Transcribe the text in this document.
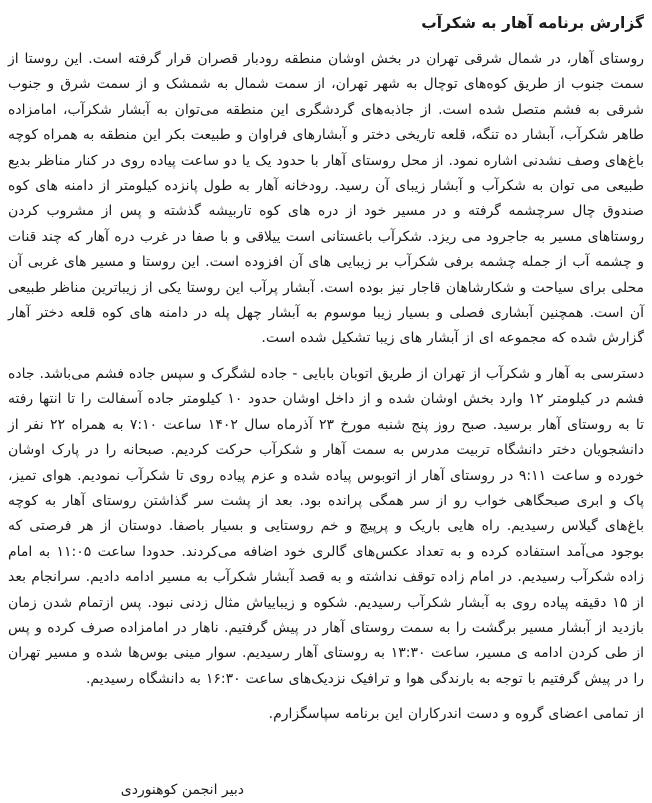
گزارش برنامه آهار به شکرآب

روستای آهار، در شمال شرقی تهران در بخش اوشان منطقه رودبار قصران قرار گرفته است. این روستا از سمت جنوب از طریق کوه‌های توچال به شهر تهران، از سمت شمال به شمشک و از سمت شرق و جنوب شرقی به فشم متصل شده است. از جاذبه‌های گردشگری این منطقه می‌توان به آبشار شکرآب، امامزاده طاهر شکرآب، آبشار ده تنگه، قلعه تاریخی دختر و آبشارهای فراوان و طبیعت بکر این منطقه به همراه کوچه باغ‌های وصف نشدنی اشاره نمود. از محل روستای آهار با حدود یک یا دو ساعت پیاده روی در کنار مناظر بدیع طبیعی می توان به شکرآب و آبشار زیبای آن رسید. رودخانه آهار به طول پانزده کیلومتر از دامنه های کوه صندوق چال سرچشمه گرفته و در مسیر خود از دره های کوه تاربیشه گذشته و پس از مشروب کردن روستاهای مسیر به جاجرود می ریزد. شکرآب باغستانی است ییلاقی و با صفا در غرب دره آهار که چند قنات و چشمه آب از جمله چشمه برفی شکرآب بر زیبایی های آن افزوده است. این روستا و مسیر های غربی آن محلی برای سیاحت و شکارشاهان قاجار نیز بوده است. آبشار پرآب این روستا یکی از زیباترین مناظر طبیعی آن است. همچنین آبشاری فصلی و بسیار زیبا موسوم به آبشار چهل پله در دامنه های کوه قلعه دختر آهار گزارش شده که مجموعه ای از آبشار های زیبا تشکیل شده است.

دسترسی به آهار و شکرآب از تهران از طریق اتوبان بابایی - جاده لشگرک و سپس جاده فشم می‌باشد. جاده فشم در کیلومتر ۱۲ وارد بخش اوشان شده و از داخل اوشان حدود ۱۰ کیلومتر جاده آسفالت را تا انتها رفته تا به روستای آهار برسید. صبح روز پنج شنبه مورخ ۲۳ آذرماه سال ۱۴۰۲ ساعت ۷:۱۰ به همراه ۲۲ نفر از دانشجویان دختر دانشگاه تربیت مدرس به سمت آهار و شکرآب حرکت کردیم. صبحانه را در پارک اوشان خورده و ساعت ۹:۱۱ در روستای آهار از اتوبوس پیاده شده و عزم پیاده روی تا شکرآب نمودیم. هوای تمیز، پاک و ابری صبحگاهی خواب رو از سر همگی پرانده بود. بعد از پشت سر گذاشتن روستای آهار به کوچه باغ‌های گیلاس رسیدیم. راه هایی باریک و پرپیچ و خم روستایی و بسیار باصفا. دوستان از هر فرصتی که بوجود می‌آمد استفاده کرده و به تعداد عکس‌های گالری خود اضافه می‌کردند. حدودا ساعت ۱۱:۰۵ به امام زاده شکرآب رسیدیم. در امام زاده توقف نداشته و به قصد آبشار شکرآب به مسیر ادامه دادیم. سرانجام بعد از ۱۵ دقیقه پیاده روی به آبشار شکرآب رسیدیم. شکوه و زیباییاش مثال زدنی نبود. پس ازتمام شدن زمان بازدید از آبشار مسیر برگشت را به سمت روستای آهار در پیش گرفتیم. ناهار در امامزاده صرف کرده و پس از طی کردن ادامه ی مسیر، ساعت ۱۳:۳۰ به روستای آهار رسیدیم. سوار مینی بوس‌ها شده و مسیر تهران را در پیش گرفتیم با توجه به بارندگی هوا و ترافیک نزدیک‌های ساعت ۱۶:۳۰ به دانشگاه رسیدیم.

از تمامی اعضای گروه و دست اندرکاران این برنامه سپاسگزارم.

دبیر انجمن کوهنوردی
